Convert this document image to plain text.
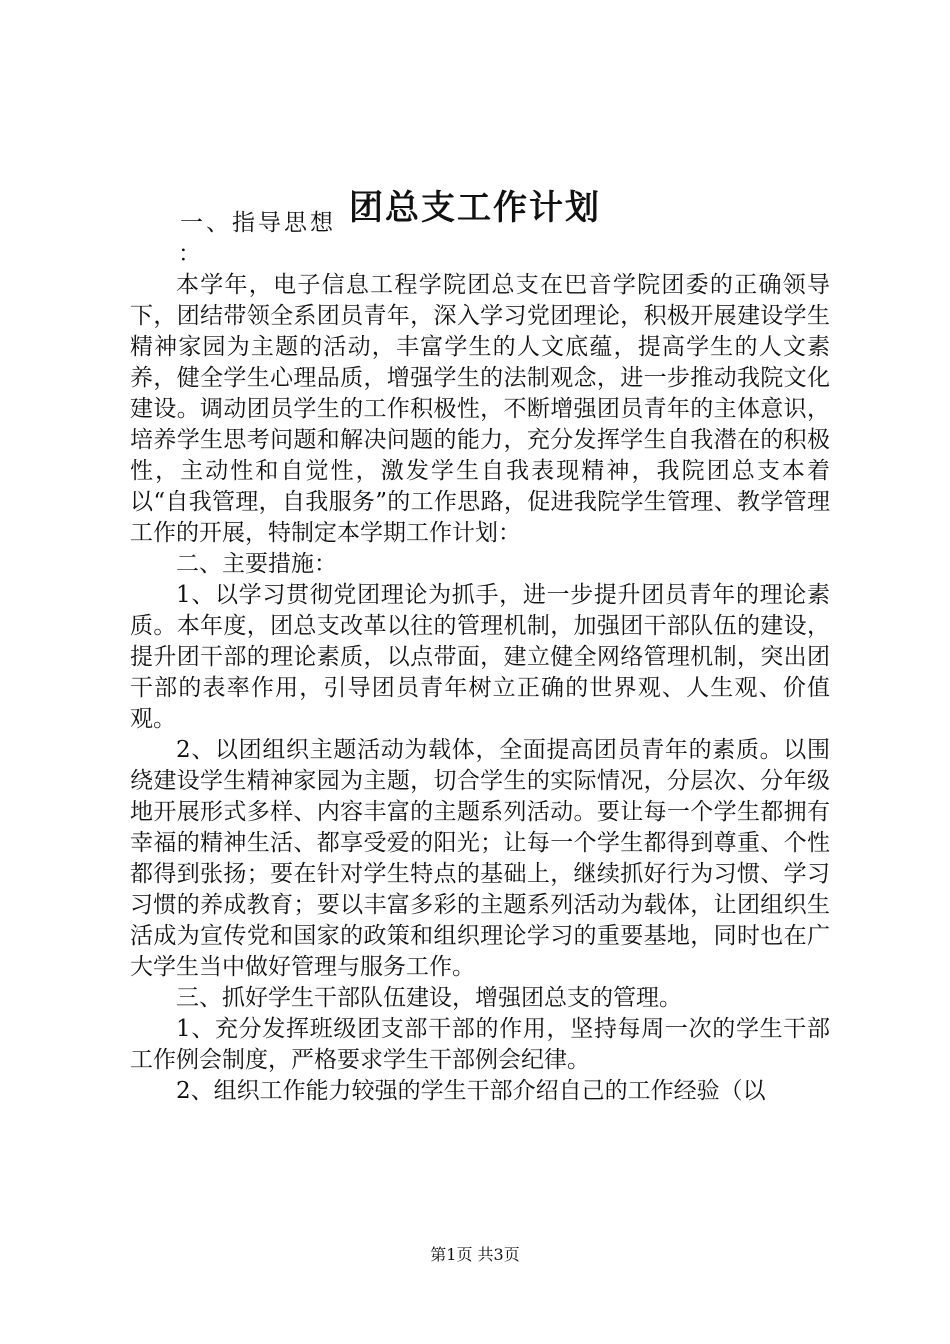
团总支工作计划

一、指导思想

：

本学年，电子信息工程学院团总支在巴音学院团委的正确领导下，团结带领全系团员青年，深入学习党团理论，积极开展建设学生精神家园为主题的活动，丰富学生的人文底蕴，提高学生的人文素养，健全学生心理品质，增强学生的法制观念，进一步推动我院文化建设。调动团员学生的工作积极性，不断增强团员青年的主体意识，培养学生思考问题和解决问题的能力，充分发挥学生自我潜在的积极性，主动性和自觉性，激发学生自我表现精神，我院团总支本着以“自我管理，自我服务”的工作思路，促进我院学生管理、教学管理工作的开展，特制定本学期工作计划：

二、主要措施：

1、以学习贯彻党团理论为抓手，进一步提升团员青年的理论素质。本年度，团总支改革以往的管理机制，加强团干部队伍的建设，提升团干部的理论素质，以点带面，建立健全网络管理机制，突出团干部的表率作用，引导团员青年树立正确的世界观、人生观、价值观。

2、以团组织主题活动为载体，全面提高团员青年的素质。以围绕建设学生精神家园为主题，切合学生的实际情况，分层次、分年级地开展形式多样、内容丰富的主题系列活动。要让每一个学生都拥有幸福的精神生活、都享受爱的阳光；让每一个学生都得到尊重、个性都得到张扬；要在针对学生特点的基础上，继续抓好行为习惯、学习习惯的养成教育；要以丰富多彩的主题系列活动为载体，让团组织生活成为宣传党和国家的政策和组织理论学习的重要基地，同时也在广大学生当中做好管理与服务工作。

三、抓好学生干部队伍建设，增强团总支的管理。

1、充分发挥班级团支部干部的作用，坚持每周一次的学生干部工作例会制度，严格要求学生干部例会纪律。

2、组织工作能力较强的学生干部介绍自己的工作经验（以

第1页 共3页
